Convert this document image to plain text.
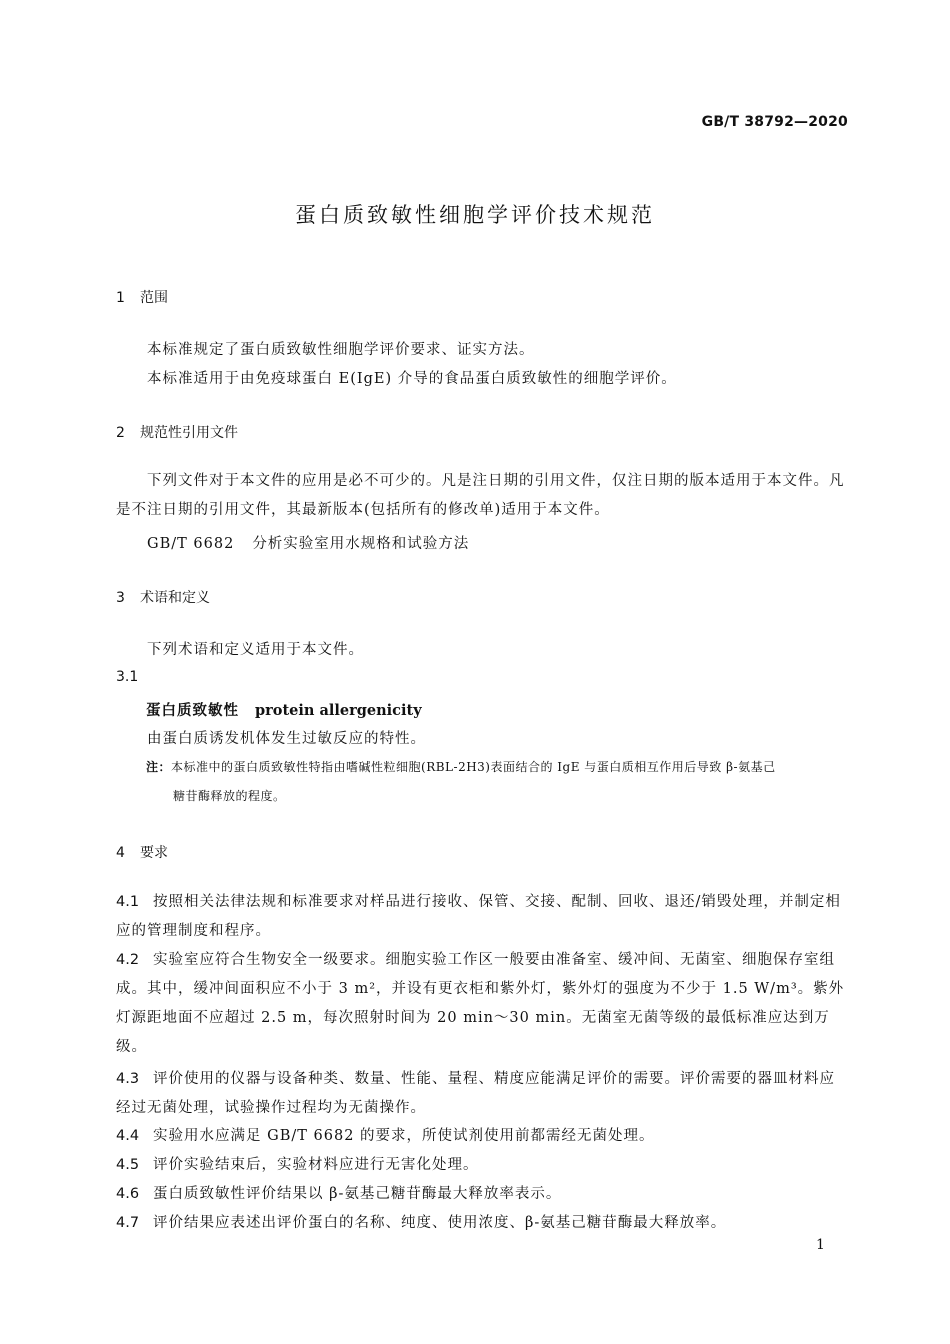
GB/T 38792—2020
蛋白质致敏性细胞学评价技术规范
1 范围
本标准规定了蛋白质致敏性细胞学评价要求、证实方法。
本标准适用于由免疫球蛋白 E(IgE) 介导的食品蛋白质致敏性的细胞学评价。
2 规范性引用文件
下列文件对于本文件的应用是必不可少的。凡是注日期的引用文件，仅注日期的版本适用于本文件。凡是不注日期的引用文件，其最新版本(包括所有的修改单)适用于本文件。
GB/T 6682 分析实验室用水规格和试验方法
3 术语和定义
下列术语和定义适用于本文件。
3.1
蛋白质致敏性 protein allergenicity
由蛋白质诱发机体发生过敏反应的特性。
注：本标准中的蛋白质致敏性特指由嗜碱性粒细胞(RBL-2H3)表面结合的 IgE 与蛋白质相互作用后导致 β-氨基己
糖苷酶释放的程度。
4 要求
4.1 按照相关法律法规和标准要求对样品进行接收、保管、交接、配制、回收、退还/销毁处理，并制定相应的管理制度和程序。
4.2 实验室应符合生物安全一级要求。细胞实验工作区一般要由准备室、缓冲间、无菌室、细胞保存室组成。其中，缓冲间面积应不小于 3 m²，并设有更衣柜和紫外灯，紫外灯的强度为不少于 1.5 W/m³。紫外灯源距地面不应超过 2.5 m，每次照射时间为 20 min～30 min。无菌室无菌等级的最低标准应达到万级。
4.3 评价使用的仪器与设备种类、数量、性能、量程、精度应能满足评价的需要。评价需要的器皿材料应经过无菌处理，试验操作过程均为无菌操作。
4.4 实验用水应满足 GB/T 6682 的要求，所使试剂使用前都需经无菌处理。
4.5 评价实验结束后，实验材料应进行无害化处理。
4.6 蛋白质致敏性评价结果以 β-氨基己糖苷酶最大释放率表示。
4.7 评价结果应表述出评价蛋白的名称、纯度、使用浓度、β-氨基己糖苷酶最大释放率。
1
